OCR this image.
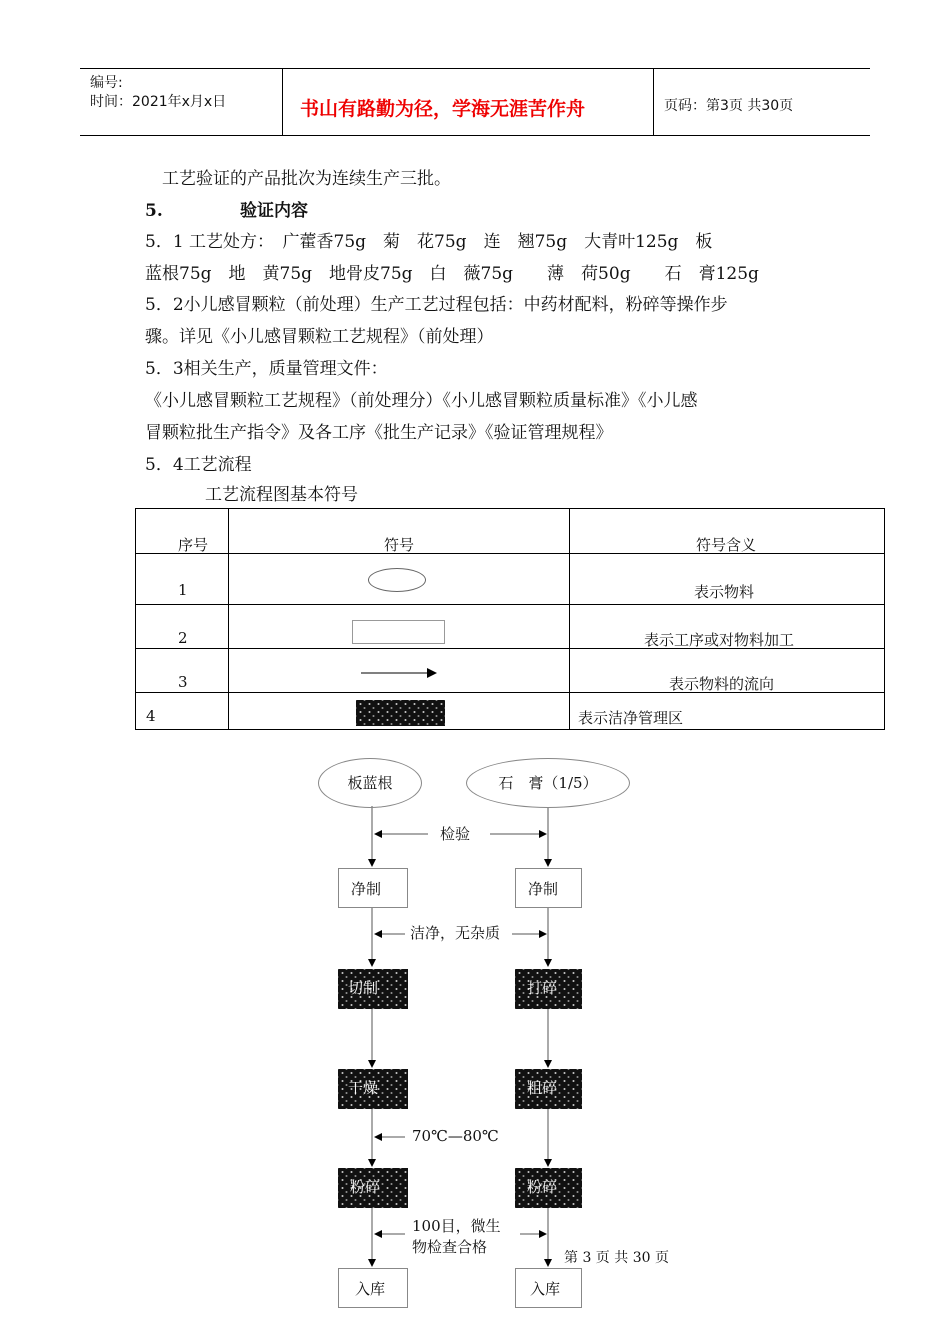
编号:
时间：2021年x月x日	书山有路勤为径，学海无涯苦作舟	页码：第3页 共30页
工艺验证的产品批次为连续生产三批。
5.	验证内容
5．1 工艺处方：　广藿香75g　菊　花75g　连　翘75g　大青叶125g　板
蓝根75g　地　黄75g　地骨皮75g　白　薇75g　　薄　荷50g　　石　膏125g
5．2小儿感冒颗粒（前处理）生产工艺过程包括：中药材配料，粉碎等操作步
骤。详见《小儿感冒颗粒工艺规程》（前处理）
5．3相关生产，质量管理文件：
《小儿感冒颗粒工艺规程》（前处理分）《小儿感冒颗粒质量标准》《小儿感
冒颗粒批生产指令》及各工序《批生产记录》《验证管理规程》
5．4工艺流程
工艺流程图基本符号
序号	符号	符号含义
1	表示物料
2	表示工序或对物料加工
3	表示物料的流向
4	表示洁净管理区
板蓝根	石　膏（1/5）
检验
净制	净制
洁净，无杂质
切制	打碎
干燥	粗碎
70℃—80℃
粉碎	粉碎
100目，微生
物检查合格
入库	入库
第 3 页 共 30 页
